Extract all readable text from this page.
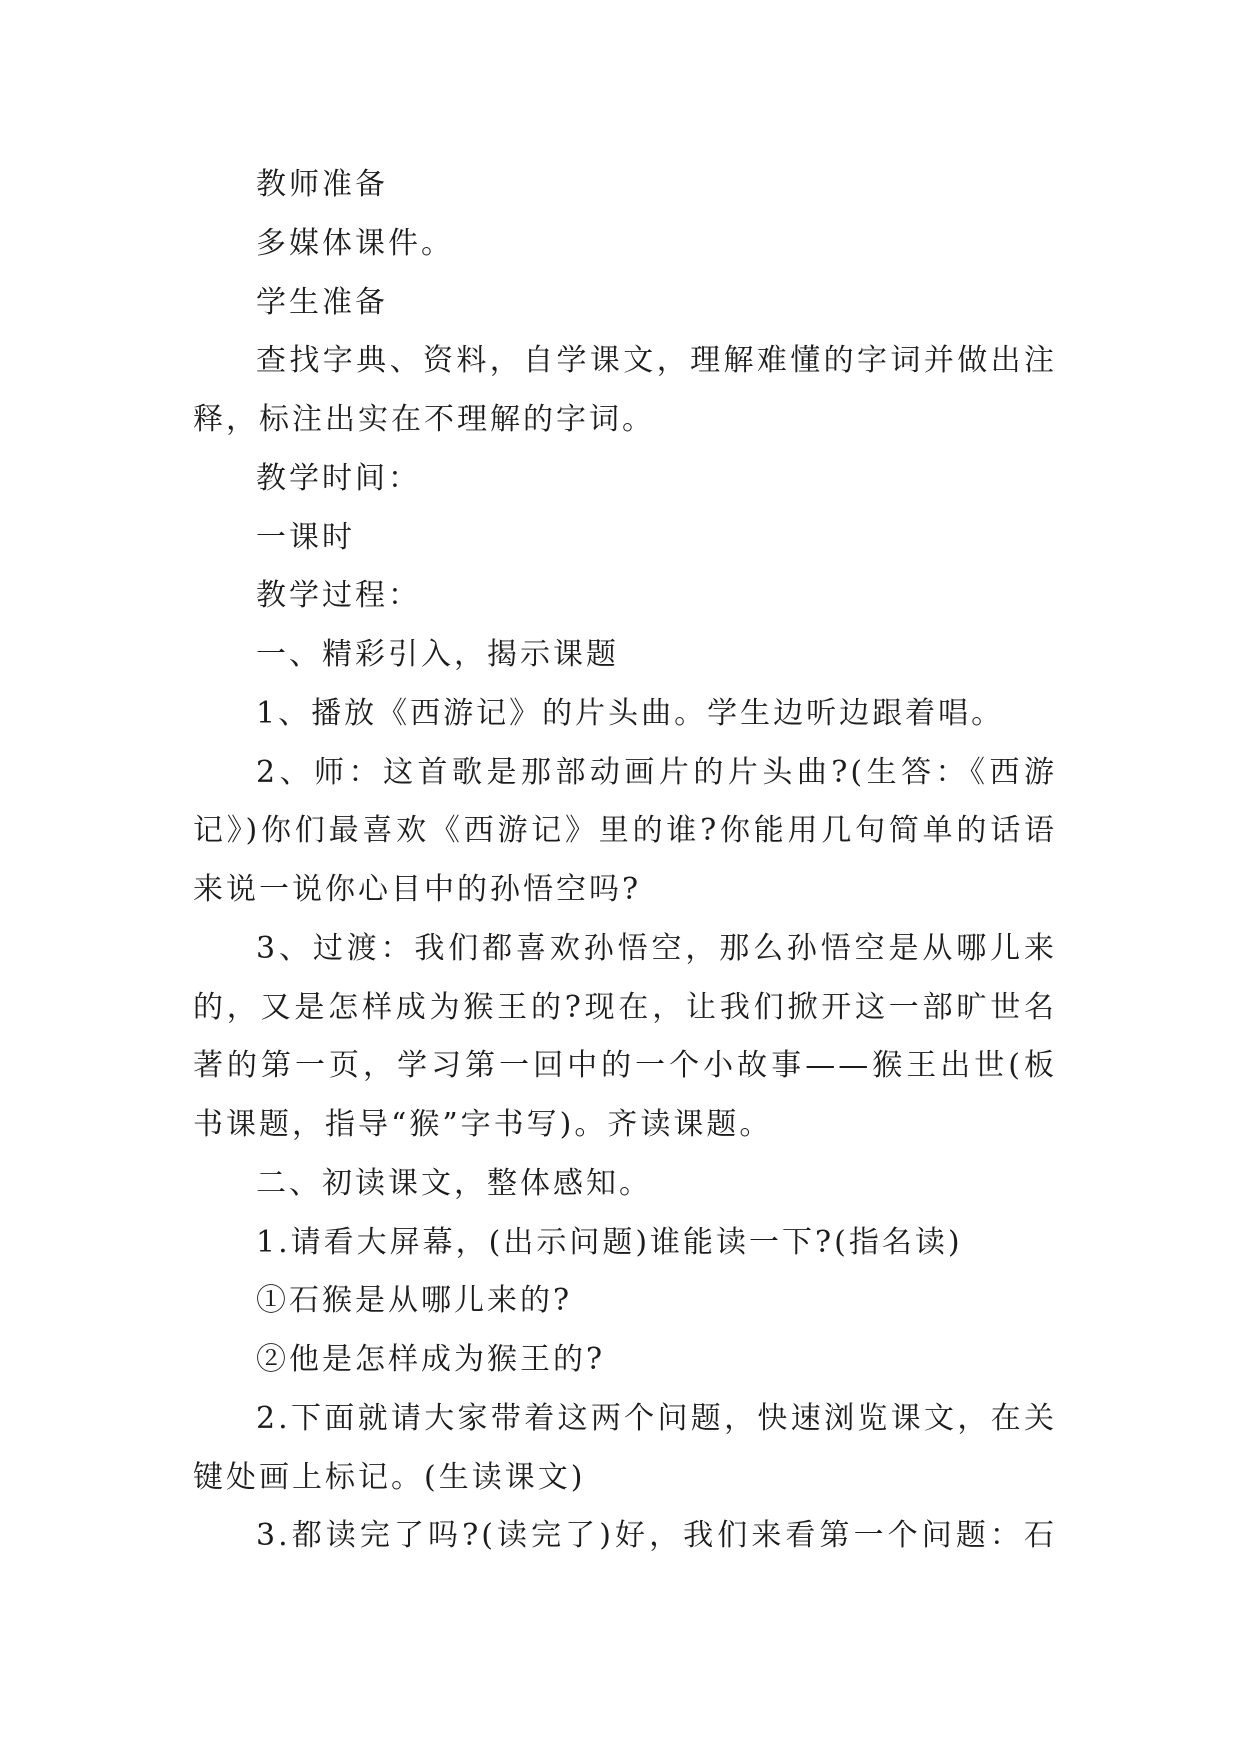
教师准备
多媒体课件。
学生准备
查找字典、资料，自学课文，理解难懂的字词并做出注
释，标注出实在不理解的字词。
教学时间：
一课时
教学过程：
一、精彩引入，揭示课题
1、播放《西游记》的片头曲。学生边听边跟着唱。
2、师：这首歌是那部动画片的片头曲?(生答：《西游
记》)你们最喜欢《西游记》里的谁?你能用几句简单的话语
来说一说你心目中的孙悟空吗?
3、过渡：我们都喜欢孙悟空，那么孙悟空是从哪儿来
的，又是怎样成为猴王的?现在，让我们掀开这一部旷世名
著的第一页，学习第一回中的一个小故事——猴王出世(板
书课题，指导“猴”字书写)。齐读课题。
二、初读课文，整体感知。
1.请看大屏幕，(出示问题)谁能读一下?(指名读)
①石猴是从哪儿来的?
②他是怎样成为猴王的?
2.下面就请大家带着这两个问题，快速浏览课文，在关
键处画上标记。(生读课文)
3.都读完了吗?(读完了)好，我们来看第一个问题：石
